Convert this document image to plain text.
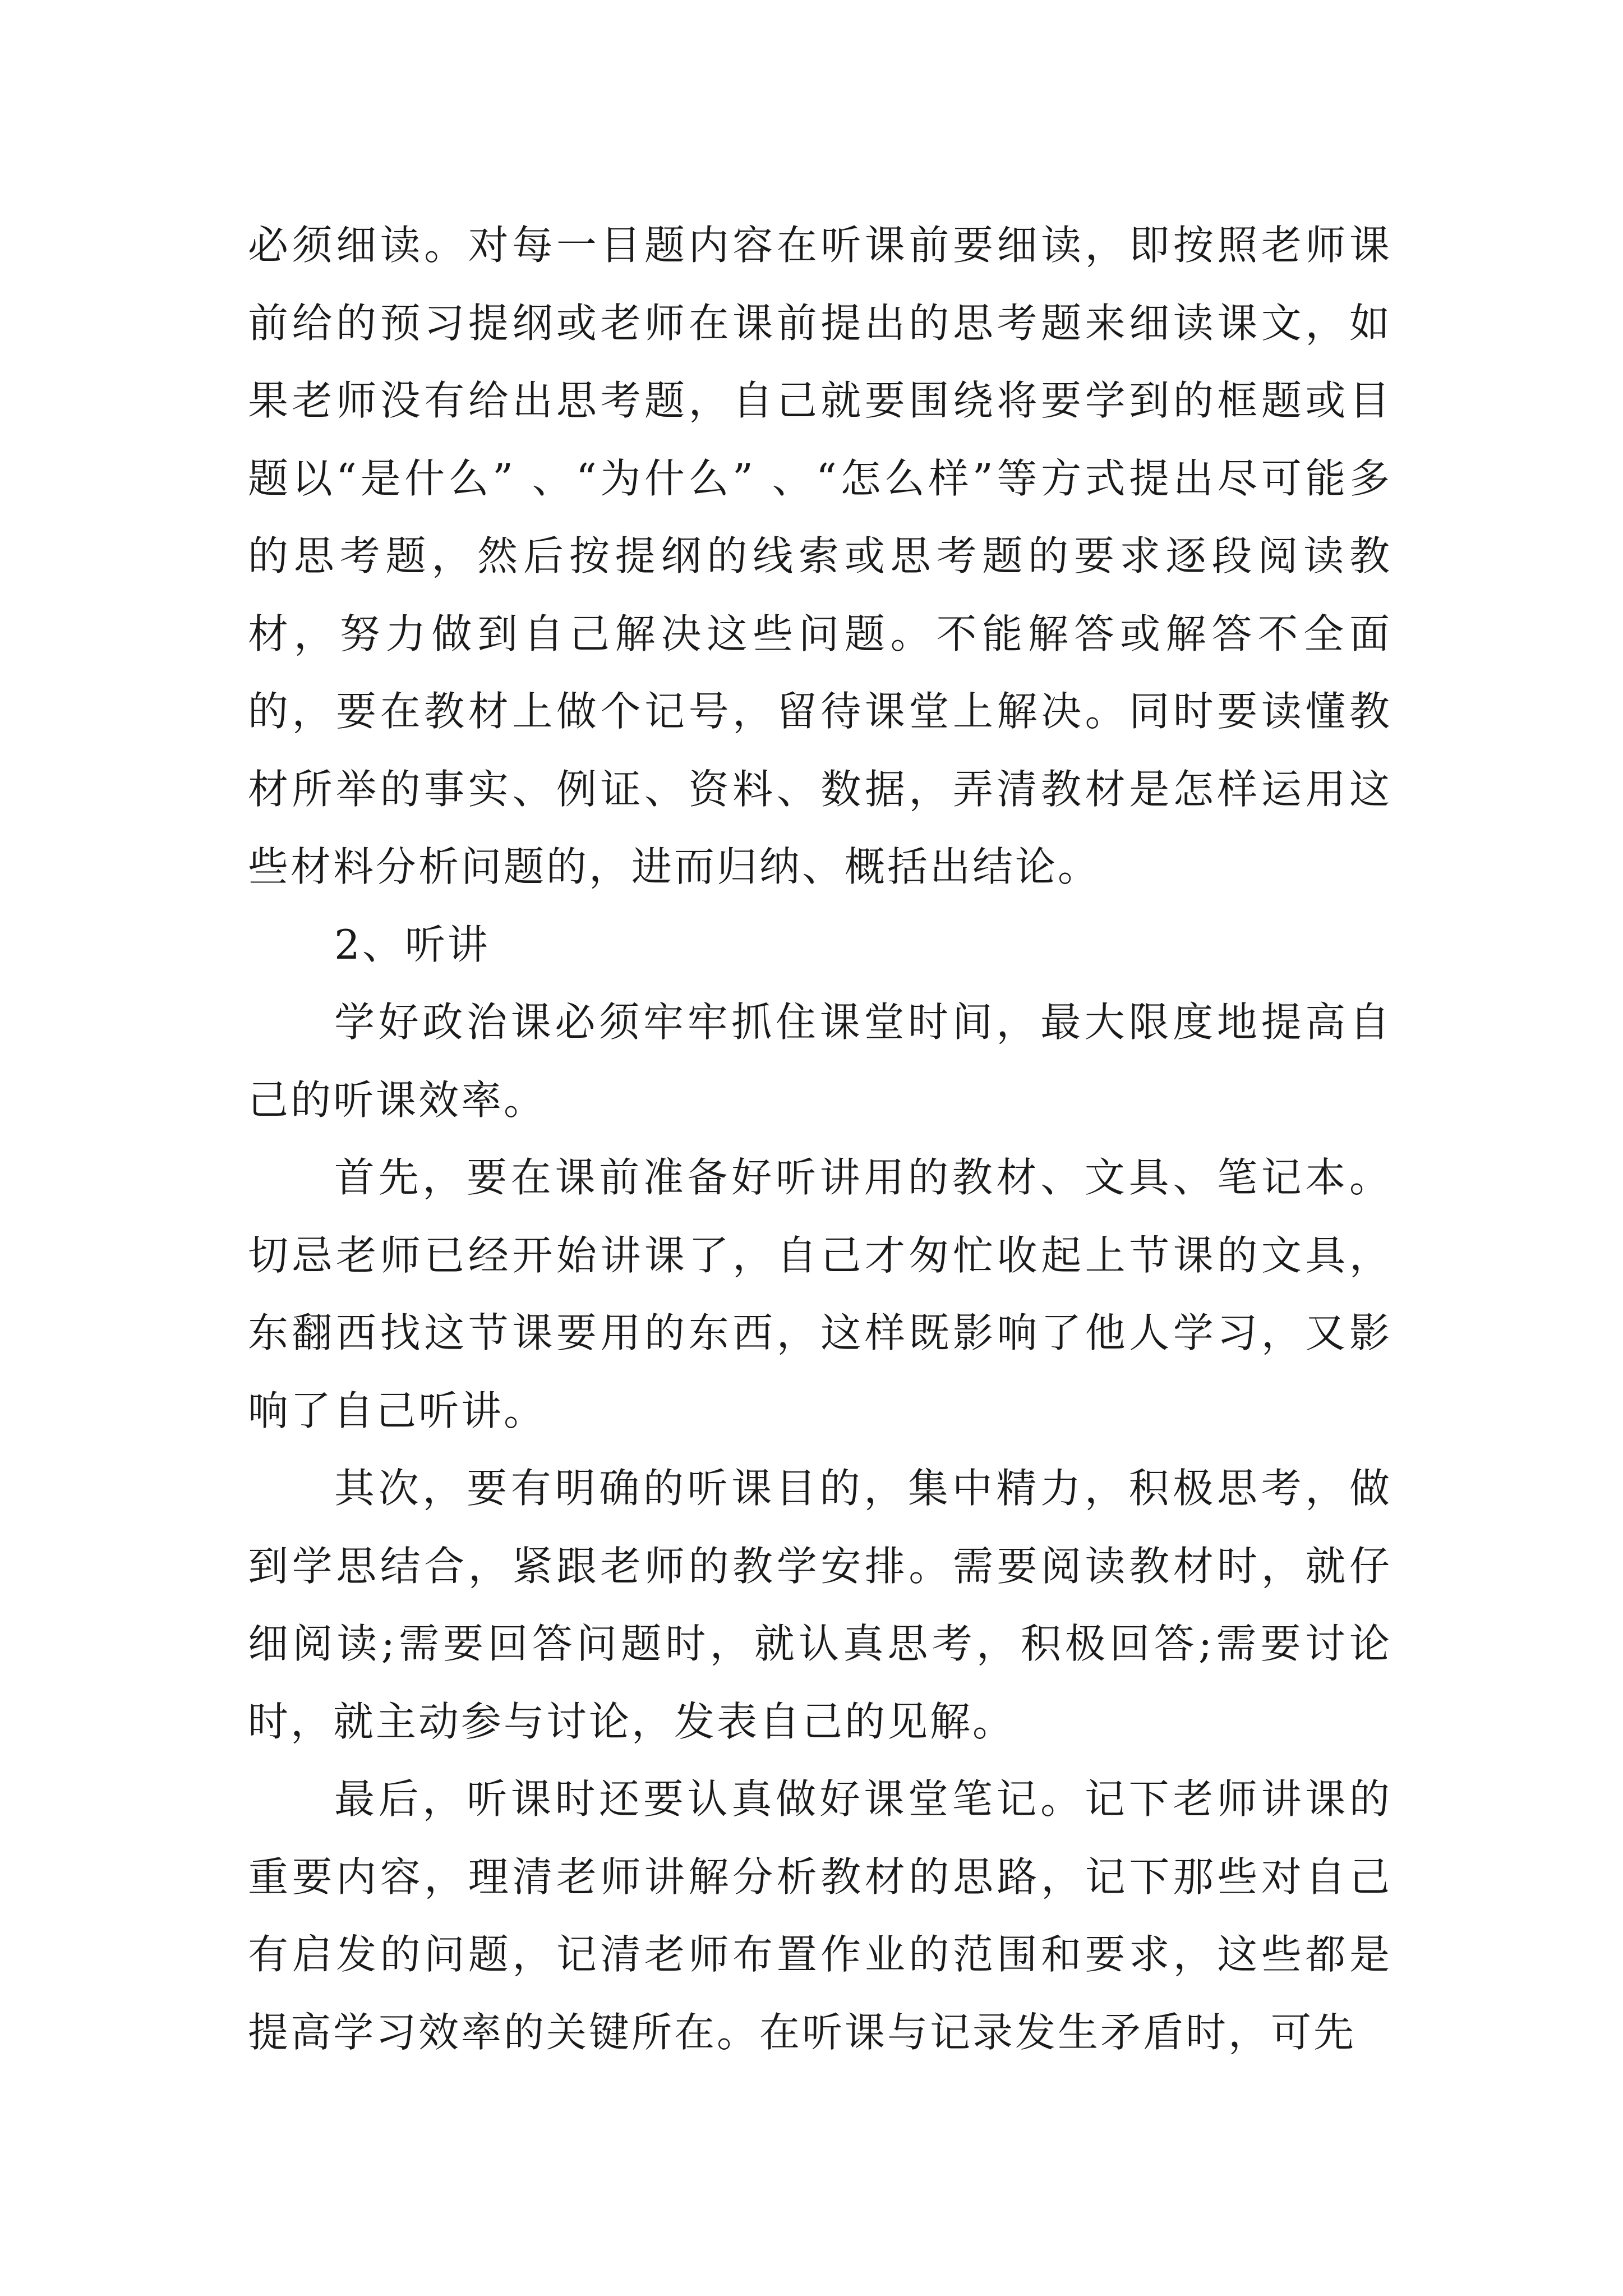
必须细读。对每一目题内容在听课前要细读，即按照老师课前给的预习提纲或老师在课前提出的思考题来细读课文，如果老师没有给出思考题，自己就要围绕将要学到的框题或目题以“是什么” 、“为什么” 、“怎么样”等方式提出尽可能多的思考题，然后按提纲的线索或思考题的要求逐段阅读教材，努力做到自己解决这些问题。不能解答或解答不全面的，要在教材上做个记号，留待课堂上解决。同时要读懂教材所举的事实、例证、资料、数据，弄清教材是怎样运用这些材料分析问题的，进而归纳、概括出结论。

2、听讲

学好政治课必须牢牢抓住课堂时间，最大限度地提高自己的听课效率。

首先，要在课前准备好听讲用的教材、文具、笔记本。切忌老师已经开始讲课了，自己才匆忙收起上节课的文具，东翻西找这节课要用的东西，这样既影响了他人学习，又影响了自己听讲。

其次，要有明确的听课目的，集中精力，积极思考，做到学思结合，紧跟老师的教学安排。需要阅读教材时，就仔细阅读;需要回答问题时，就认真思考，积极回答;需要讨论时，就主动参与讨论，发表自己的见解。

最后，听课时还要认真做好课堂笔记。记下老师讲课的重要内容，理清老师讲解分析教材的思路，记下那些对自己有启发的问题，记清老师布置作业的范围和要求，这些都是提高学习效率的关键所在。在听课与记录发生矛盾时，可先
